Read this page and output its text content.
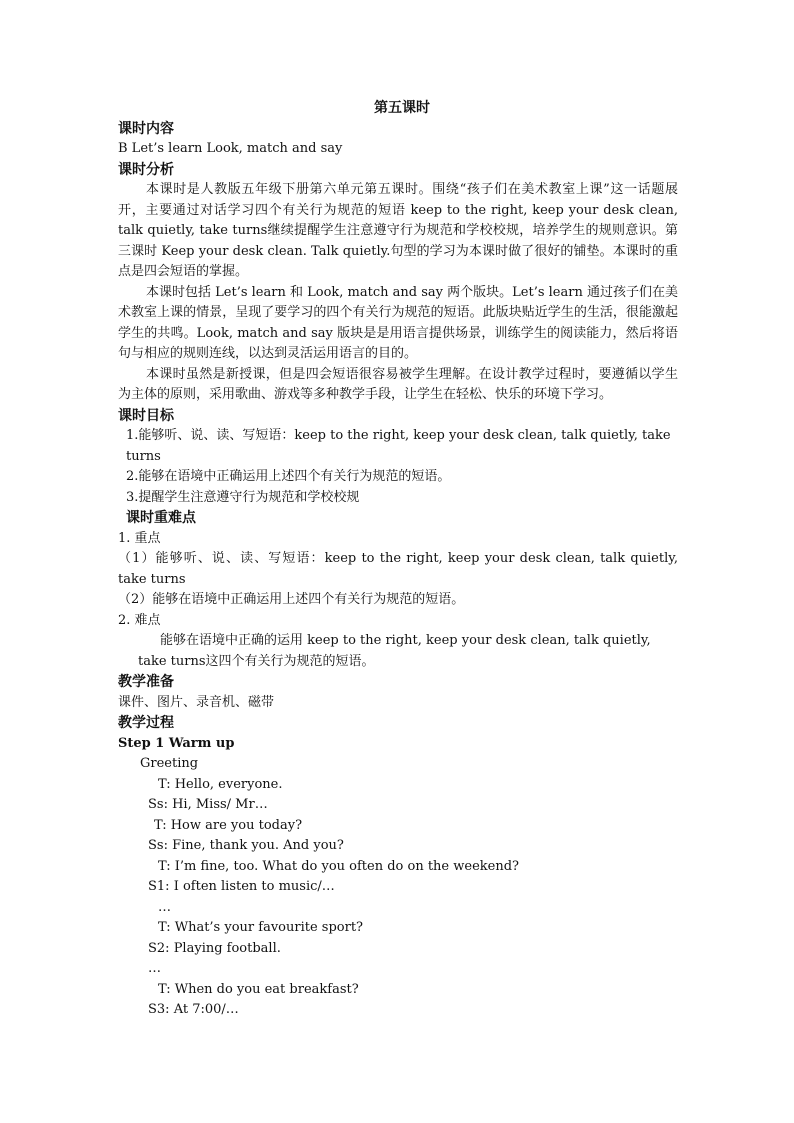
第五课时
课时内容
B Let’s learn Look, match and say
课时分析
本课时是人教版五年级下册第六单元第五课时。围绕“孩子们在美术教室上课”这一话题展开，主要通过对话学习四个有关行为规范的短语 keep to the right, keep your desk clean, talk quietly, take turns继续提醒学生注意遵守行为规范和学校校规，培养学生的规则意识。第三课时 Keep your desk clean. Talk quietly.句型的学习为本课时做了很好的铺垫。本课时的重点是四会短语的掌握。
本课时包括 Let’s learn 和 Look, match and say 两个版块。Let’s learn 通过孩子们在美术教室上课的情景，呈现了要学习的四个有关行为规范的短语。此版块贴近学生的生活，很能激起学生的共鸣。Look, match and say 版块是是用语言提供场景，训练学生的阅读能力，然后将语句与相应的规则连线，以达到灵活运用语言的目的。
本课时虽然是新授课，但是四会短语很容易被学生理解。在设计教学过程时，要遵循以学生为主体的原则，采用歌曲、游戏等多种教学手段，让学生在轻松、快乐的环境下学习。
课时目标
1.能够听、说、读、写短语：keep to the right, keep your desk clean, talk quietly, take turns
2.能够在语境中正确运用上述四个有关行为规范的短语。
3.提醒学生注意遵守行为规范和学校校规
课时重难点
1. 重点
（1）能够听、说、读、写短语：keep to the right, keep your desk clean, talk quietly, take turns
（2）能够在语境中正确运用上述四个有关行为规范的短语。
2. 难点
能够在语境中正确的运用 keep to the right, keep your desk clean, talk quietly, take turns这四个有关行为规范的短语。
教学准备
课件、图片、录音机、磁带
教学过程
Step 1 Warm up
Greeting
T: Hello, everyone.
Ss: Hi, Miss/ Mr…
T: How are you today?
Ss: Fine, thank you. And you?
T: I’m fine, too. What do you often do on the weekend?
S1: I often listen to music/…
…
T: What’s your favourite sport?
S2: Playing football.
…
T: When do you eat breakfast?
S3: At 7:00/…
